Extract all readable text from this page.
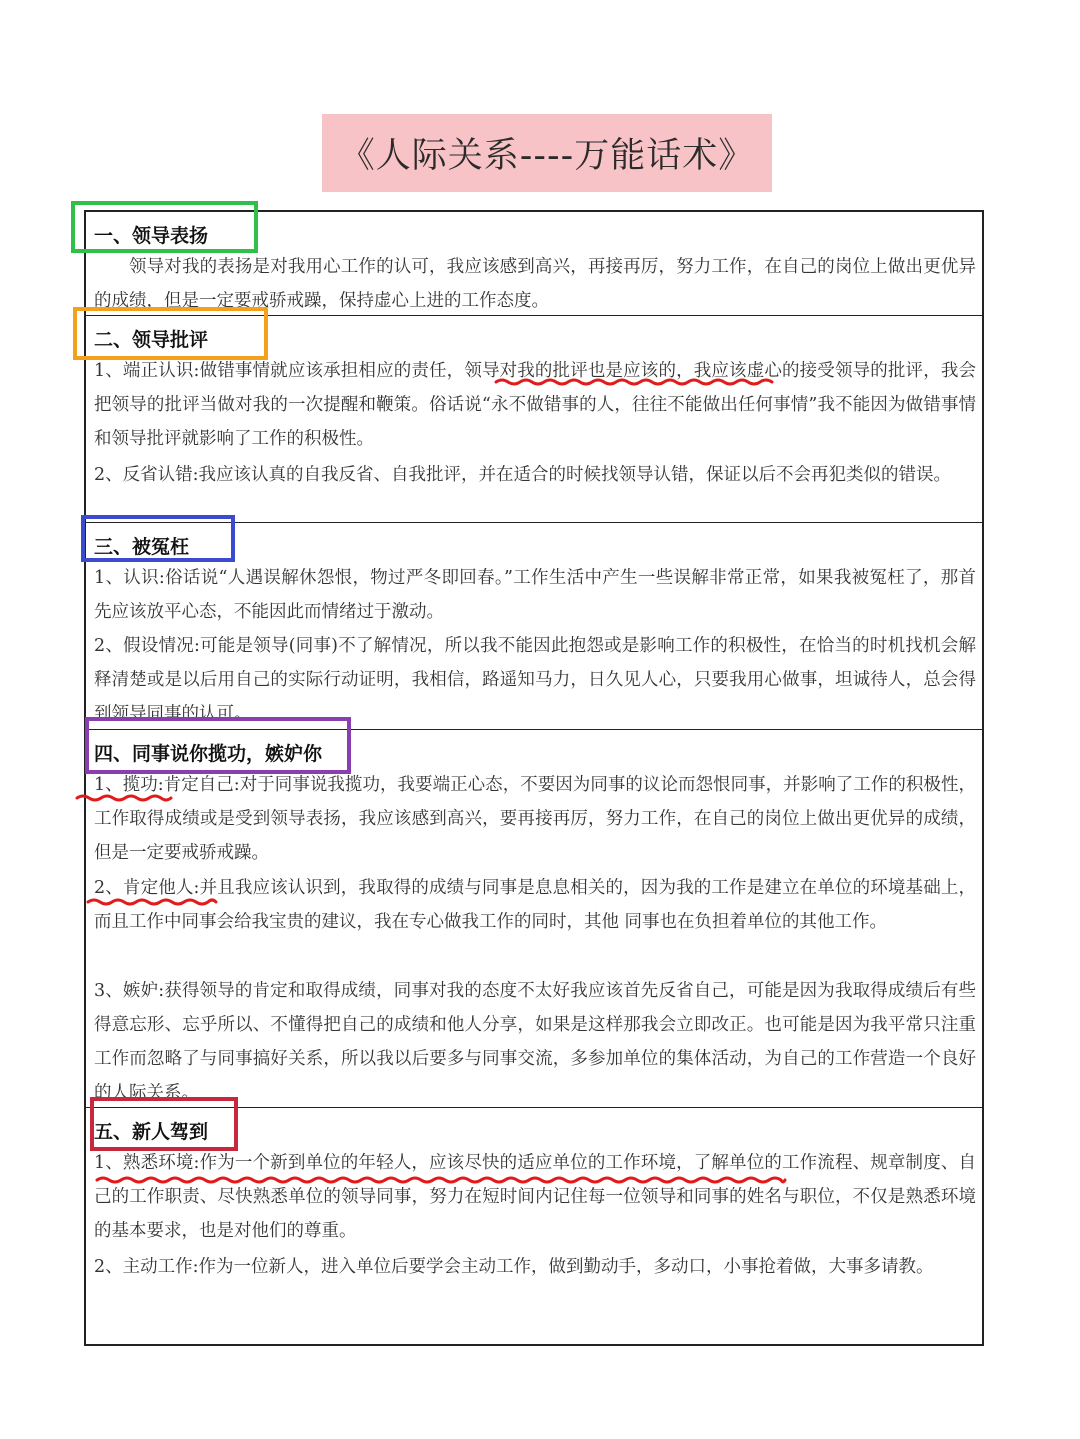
《人际关系----万能话术》
一、领导表扬

领导对我的表扬是对我用心工作的认可，我应该感到高兴，再接再厉，努力工作，在自己的岗位上做出更优异的成绩，但是一定要戒骄戒躁，保持虚心上进的工作态度。

二、领导批评

1、端正认识:做错事情就应该承担相应的责任，领导对我的批评也是应该的，我应该虚心的接受领导的批评，我会把领导的批评当做对我的一次提醒和鞭策。俗话说“永不做错事的人，往往不能做出任何事情”我不能因为做错事情和领导批评就影响了工作的积极性。

2、反省认错:我应该认真的自我反省、自我批评，并在适合的时候找领导认错，保证以后不会再犯类似的错误。

三、被冤枉

1、认识:俗话说“人遇误解休怨恨，物过严冬即回春。”工作生活中产生一些误解非常正常，如果我被冤枉了，那首先应该放平心态，不能因此而情绪过于激动。

2、假设情况:可能是领导(同事)不了解情况，所以我不能因此抱怨或是影响工作的积极性，在恰当的时机找机会解释清楚或是以后用自己的实际行动证明，我相信，路遥知马力，日久见人心，只要我用心做事，坦诚待人，总会得到领导同事的认可。

四、同事说你揽功，嫉妒你

1、揽功:肯定自己:对于同事说我揽功，我要端正心态，不要因为同事的议论而怨恨同事，并影响了工作的积极性，工作取得成绩或是受到领导表扬，我应该感到高兴，要再接再厉，努力工作，在自己的岗位上做出更优异的成绩，但是一定要戒骄戒躁。

2、肯定他人:并且我应该认识到，我取得的成绩与同事是息息相关的，因为我的工作是建立在单位的环境基础上，而且工作中同事会给我宝贵的建议，我在专心做我工作的同时，其他 同事也在负担着单位的其他工作。

3、嫉妒:获得领导的肯定和取得成绩，同事对我的态度不太好我应该首先反省自己，可能是因为我取得成绩后有些得意忘形、忘乎所以、不懂得把自己的成绩和他人分享，如果是这样那我会立即改正。也可能是因为我平常只注重工作而忽略了与同事搞好关系，所以我以后要多与同事交流，多参加单位的集体活动，为自己的工作营造一个良好的人际关系。

五、新人驾到

1、熟悉环境:作为一个新到单位的年轻人，应该尽快的适应单位的工作环境，了解单位的工作流程、规章制度、自己的工作职责、尽快熟悉单位的领导同事，努力在短时间内记住每一位领导和同事的姓名与职位，不仅是熟悉环境的基本要求，也是对他们的尊重。

2、主动工作:作为一位新人，进入单位后要学会主动工作，做到勤动手，多动口，小事抢着做，大事多请教。
